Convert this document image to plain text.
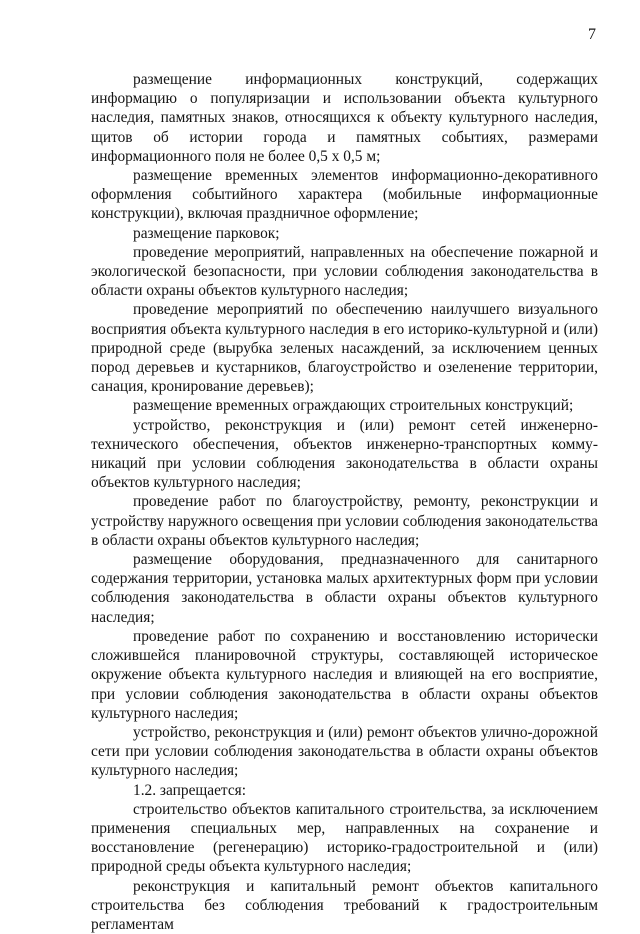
7

размещение информационных конструкций, содержащих информацию о популяризации и использовании объекта культурного наследия, памятных знаков, относящихся к объекту культурного наследия, щитов об истории города и памятных событиях, размерами информационного поля не более 0,5 х 0,5 м;

размещение временных элементов информационно-декоративного оформления событийного характера (мобильные информационные конструкции), включая праздничное оформление;

размещение парковок;

проведение мероприятий, направленных на обеспечение пожарной и экологической безопасности, при условии соблюдения законодательства в области охраны объектов культурного наследия;

проведение мероприятий по обеспечению наилучшего визуального восприятия объекта культурного наследия в его историко-культурной и (или) природной среде (вырубка зеленых насаждений, за исключением ценных пород деревьев и кустарников, благоустройство и озеленение территории, санация, кронирование деревьев);

размещение временных ограждающих строительных конструкций;

устройство, реконструкция и (или) ремонт сетей инженерно-технического обеспечения, объектов инженерно-транспортных коммуникаций при условии соблюдения законодательства в области охраны объектов культурного наследия;

проведение работ по благоустройству, ремонту, реконструкции и устройству наружного освещения при условии соблюдения законодательства в области охраны объектов культурного наследия;

размещение оборудования, предназначенного для санитарного содержания территории, установка малых архитектурных форм при условии соблюдения законодательства в области охраны объектов культурного наследия;

проведение работ по сохранению и восстановлению исторически сложившейся планировочной структуры, составляющей историческое окружение объекта культурного наследия и влияющей на его восприятие, при условии соблюдения законодательства в области охраны объектов культурного наследия;

устройство, реконструкция и (или) ремонт объектов улично-дорожной сети при условии соблюдения законодательства в области охраны объектов культурного наследия;

1.2. запрещается:

строительство объектов капитального строительства, за исключением применения специальных мер, направленных на сохранение и восстановление (регенерацию) историко-градостроительной и (или) природной среды объекта культурного наследия;

реконструкция и капитальный ремонт объектов капитального строительства без соблюдения требований к градостроительным регламентам
